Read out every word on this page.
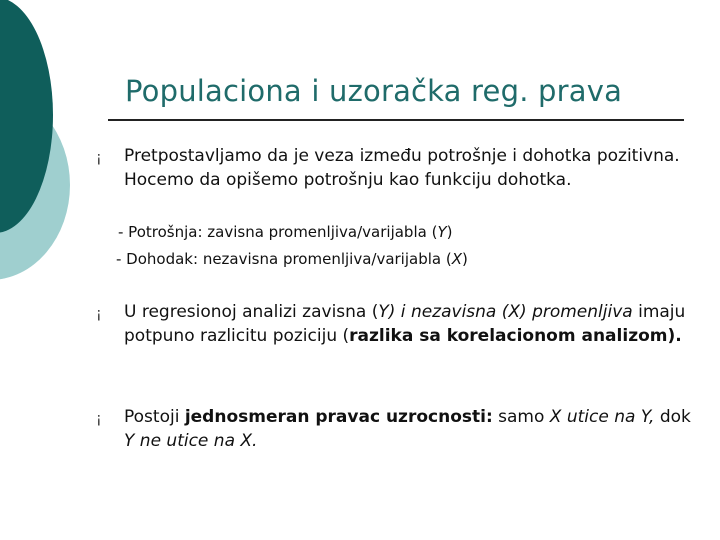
Populaciona i uzoračka reg. prava
¡ Pretpostavljamo da je veza između potrošnje i dohotka pozitivna. Hocemo da opišemo potrošnju kao funkciju dohotka.
- Potrošnja: zavisna promenljiva/varijabla (Y)
- Dohodak: nezavisna promenljiva/varijabla (X)
¡ U regresionoj analizi zavisna (Y) i nezavisna (X) promenljiva imaju potpuno razlicitu poziciju (razlika sa korelacionom analizom).
¡ Postoji jednosmeran pravac uzrocnosti: samo X utice na Y, dok Y ne utice na X.
